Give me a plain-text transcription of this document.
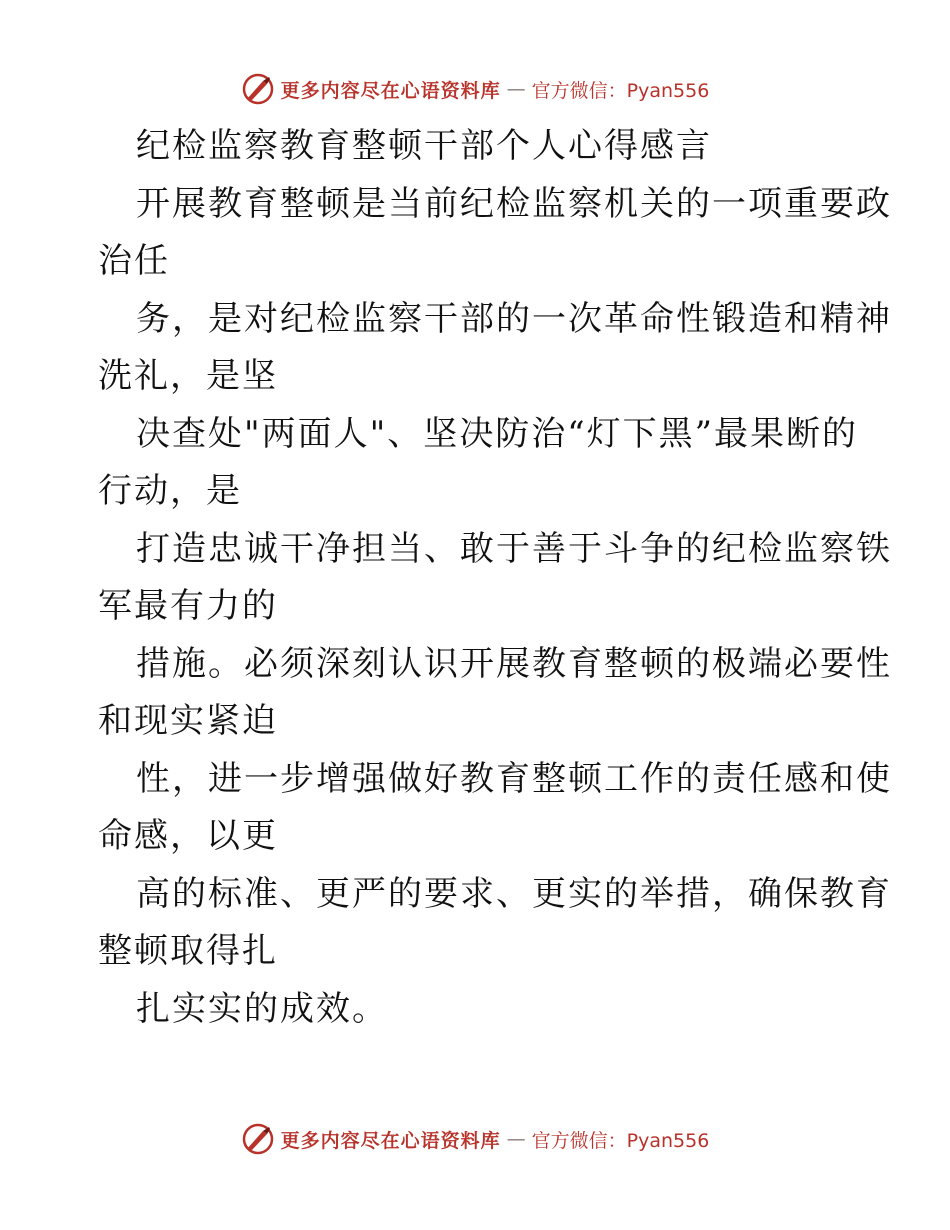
更多内容尽在心语资料库 — 官方微信：Pyan556
纪检监察教育整顿干部个人心得感言
开展教育整顿是当前纪检监察机关的一项重要政
治任
务，是对纪检监察干部的一次革命性锻造和精神
洗礼，是坚
决查处"两面人"、坚决防治“灯下黑”最果断的
行动，是
打造忠诚干净担当、敢于善于斗争的纪检监察铁
军最有力的
措施。必须深刻认识开展教育整顿的极端必要性
和现实紧迫
性，进一步增强做好教育整顿工作的责任感和使
命感，以更
高的标准、更严的要求、更实的举措，确保教育
整顿取得扎
扎实实的成效。
更多内容尽在心语资料库 — 官方微信：Pyan556
